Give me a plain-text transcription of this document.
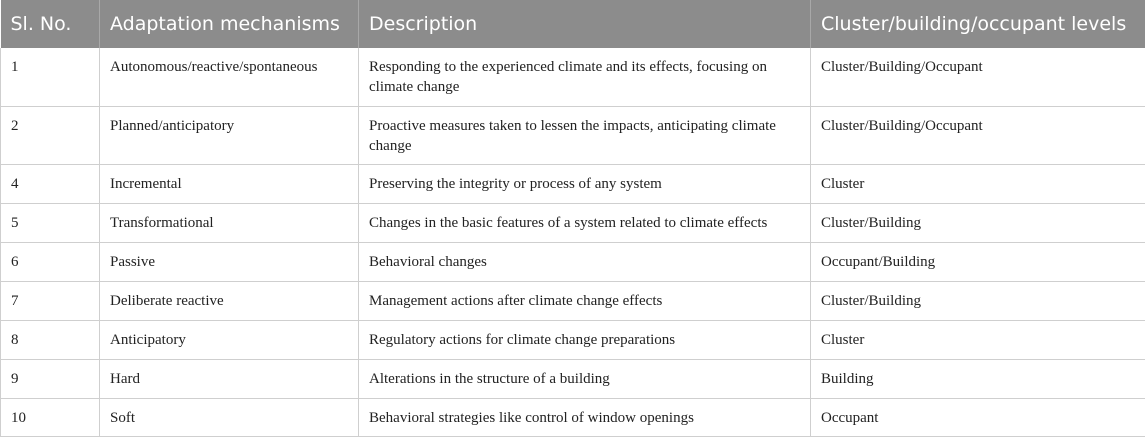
Sl. No.	Adaptation mechanisms	Description	Cluster/building/occupant levels
1	Autonomous/reactive/spontaneous	Responding to the experienced climate and its effects, focusing on climate change	Cluster/Building/Occupant
2	Planned/anticipatory	Proactive measures taken to lessen the impacts, anticipating climate change	Cluster/Building/Occupant
4	Incremental	Preserving the integrity or process of any system	Cluster
5	Transformational	Changes in the basic features of a system related to climate effects	Cluster/Building
6	Passive	Behavioral changes	Occupant/Building
7	Deliberate reactive	Management actions after climate change effects	Cluster/Building
8	Anticipatory	Regulatory actions for climate change preparations	Cluster
9	Hard	Alterations in the structure of a building	Building
10	Soft	Behavioral strategies like control of window openings	Occupant
